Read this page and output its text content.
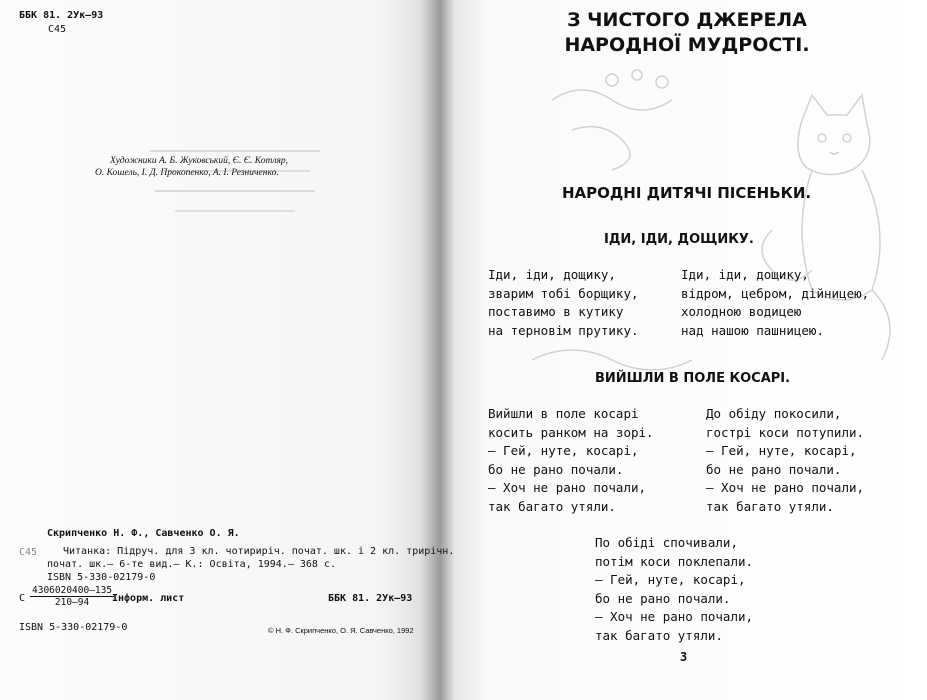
ББК 81. 2Ук—93
С45
Художники А. Б. Жуковський, Є. Є. Котляр,
О. Кошель, І. Д. Прокопенко, А. І. Резниченко.
Скрипченко Н. Ф., Савченко О. Я.
С45	Читанка: Підруч. для 3 кл. чотириріч. почат. шк. і 2 кл. трирічн.
почат. шк.— 6-те вид.— К.: Освіта, 1994.— 368 с.
ISBN 5-330-02179-0
С $\frac{4306020400—135}{210—94}$
Інформ. лист	ББК 81. 2Ук—93
ISBN 5-330-02179-0	© Н. Ф. Скрипченко, О. Я. Савченко, 1992
З ЧИСТОГО ДЖЕРЕЛА
НАРОДНОЇ МУДРОСТІ.
НАРОДНІ ДИТЯЧІ ПІСЕНЬКИ.
ІДИ, ІДИ, ДОЩИКУ.
Іди, іди, дощику,
зварим тобі борщику,
поставимо в кутику
на терновім прутику.
Іди, іди, дощику,
відром, цебром, дійницею,
холодною водицею
над нашою пашницею.
ВИЙШЛИ В ПОЛЕ КОСАРІ.
Вийшли в поле косарі
косить ранком на зорі.
— Гей, нуте, косарі,
бо не рано почали.
— Хоч не рано почали,
так багато утяли.
До обіду покосили,
гострі коси потупили.
— Гей, нуте, косарі,
бо не рано почали.
— Хоч не рано почали,
так багато утяли.
По обіді спочивали,
потім коси поклепали.
— Гей, нуте, косарі,
бо не рано почали.
— Хоч не рано почали,
так багато утяли.
3
